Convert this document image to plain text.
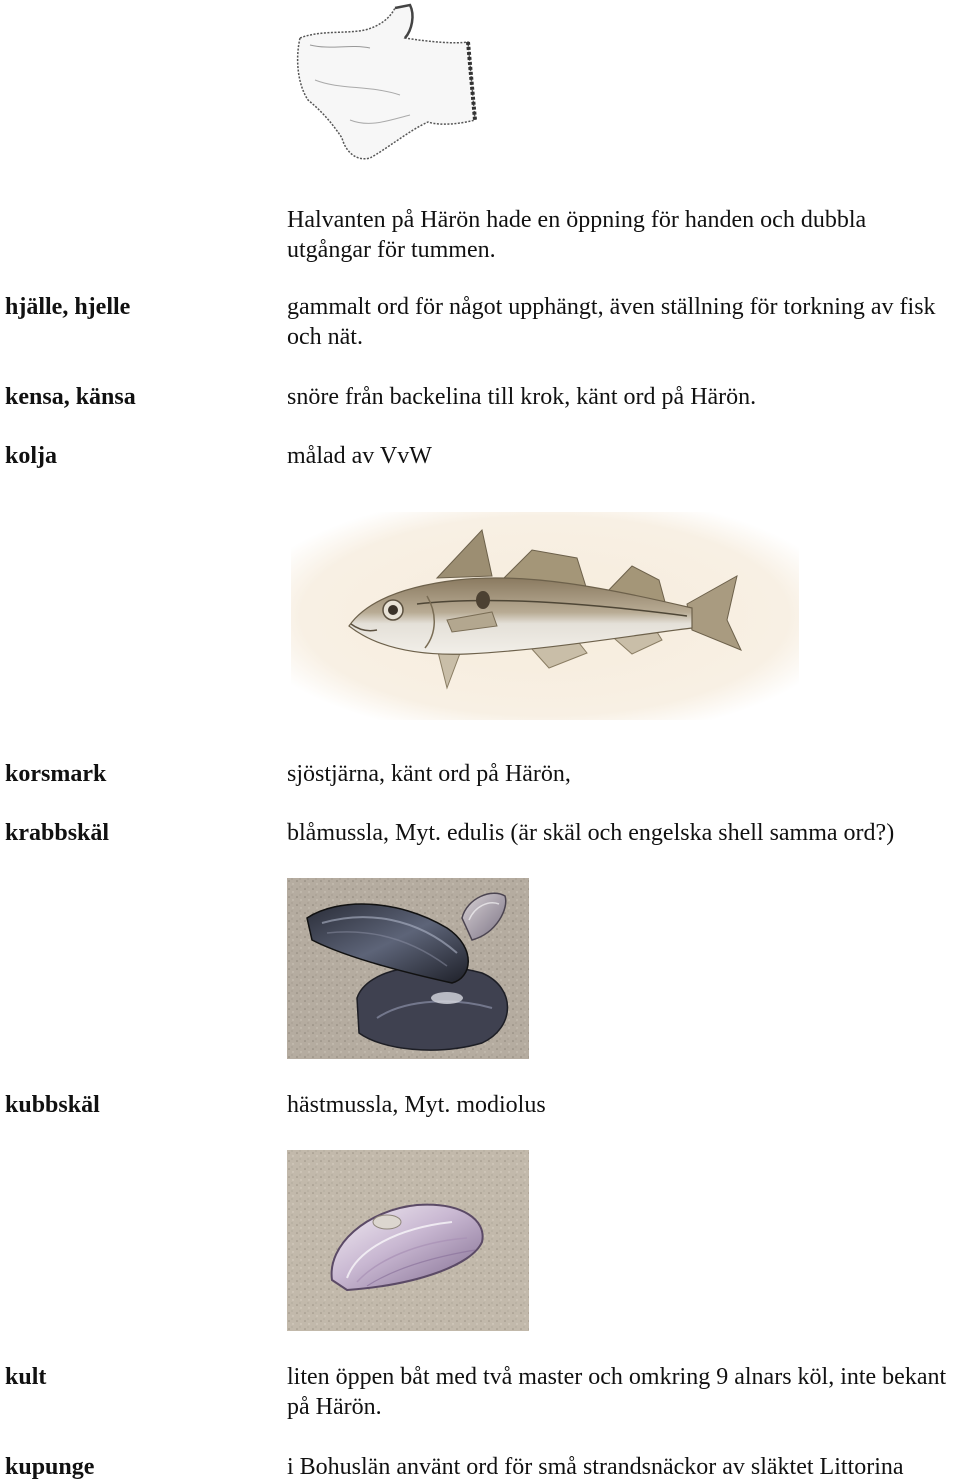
Halvanten på Härön hade en öppning för handen och dubbla utgångar för tummen.
hjälle, hjelle	gammalt ord för något upphängt, även ställning för torkning av fisk och nät.
kensa, känsa	snöre från backelina till krok, känt ord på Härön.
kolja	målad av VvW
korsmark	sjöstjärna, känt ord på Härön,
krabbskäl	blåmussla, Myt. edulis (är skäl och engelska shell samma ord?)
kubbskäl	hästmussla, Myt. modiolus
kult	liten öppen båt med två master och omkring 9 alnars köl, inte bekant på Härön.
kupunge	i Bohuslän använt ord för små strandsnäckor av släktet Littorina
